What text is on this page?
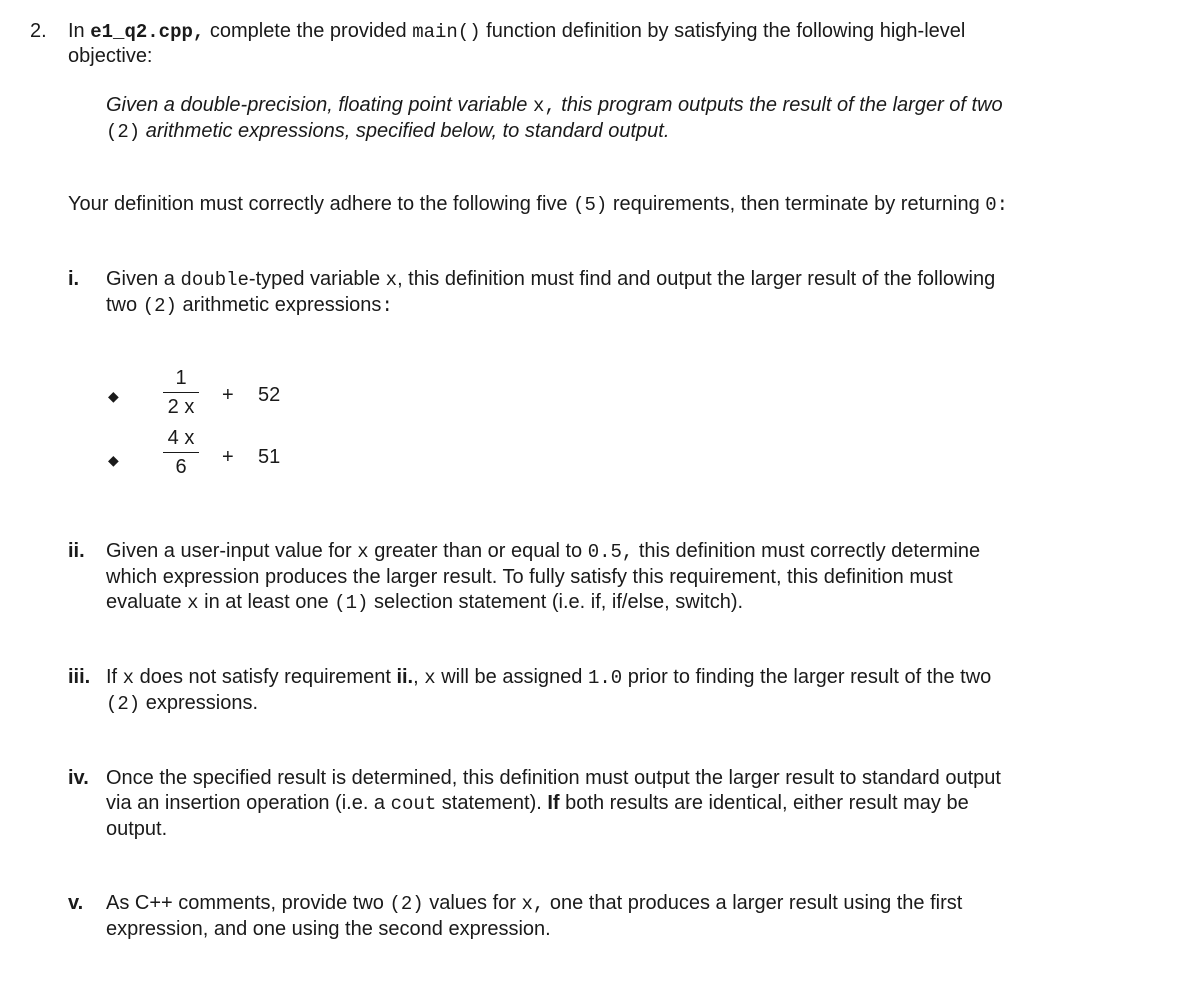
2. In e1_q2.cpp, complete the provided main() function definition by satisfying the following high-level
objective:
Given a double-precision, floating point variable x, this program outputs the result of the larger of two
(2) arithmetic expressions, specified below, to standard output.
Your definition must correctly adhere to the following five (5) requirements, then terminate by returning 0:
i. Given a double-typed variable x, this definition must find and output the larger result of the following
two (2) arithmetic expressions:
◆
1
2 x
+ 52
◆
4 x
6	+ 51
ii. Given a user-input value for x greater than or equal to 0.5, this definition must correctly determine
which expression produces the larger result. To fully satisfy this requirement, this definition must
evaluate x in at least one (1) selection statement (i.e. if, if/else, switch).
iii. If x does not satisfy requirement ii., x will be assigned 1.0 prior to finding the larger result of the two
(2) expressions.
iv. Once the specified result is determined, this definition must output the larger result to standard output
via an insertion operation (i.e. a cout statement). If both results are identical, either result may be
output.
v. As C++ comments, provide two (2) values for x, one that produces a larger result using the first
expression, and one using the second expression.
